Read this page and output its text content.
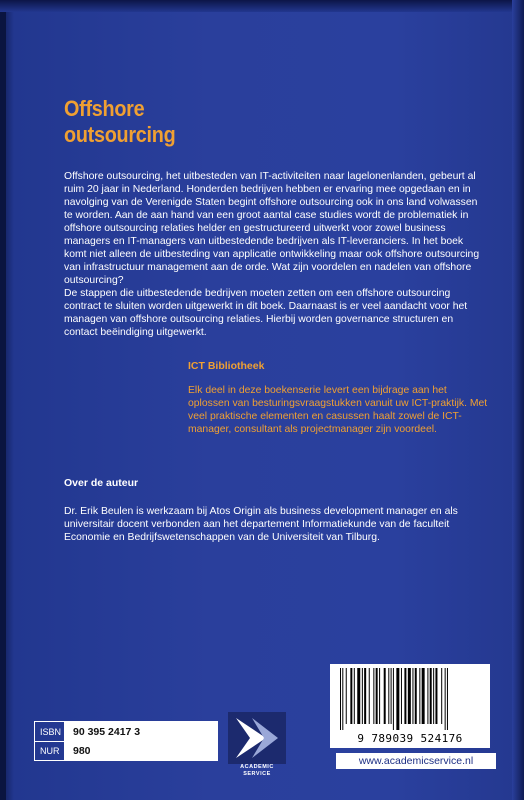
Offshore
outsourcing

Offshore outsourcing, het uitbesteden van IT-activiteiten naar lagelonenlanden, gebeurt al ruim 20 jaar in Nederland. Honderden bedrijven hebben er ervaring mee opgedaan en in navolging van de Verenigde Staten begint offshore outsourcing ook in ons land volwassen te worden. Aan de aan hand van een groot aantal case studies wordt de problematiek in offshore outsourcing relaties helder en gestructureerd uitwerkt voor zowel business managers en IT-managers van uitbestedende bedrijven als IT-leveranciers. In het boek komt niet alleen de uitbesteding van applicatie ontwikkeling maar ook offshore outsourcing van infrastructuur management aan de orde. Wat zijn voordelen en nadelen van offshore outsourcing?

De stappen die uitbestedende bedrijven moeten zetten om een offshore outsourcing contract te sluiten worden uitgewerkt in dit boek. Daarnaast is er veel aandacht voor het managen van offshore outsourcing relaties. Hierbij worden governance structuren en contact beëindiging uitgewerkt.

ICT Bibliotheek
Elk deel in deze boekenserie levert een bijdrage aan het oplossen van besturingsvraagstukken vanuit uw ICT-praktijk. Met veel praktische elementen en casussen haalt zowel de ICT-manager, consultant als projectmanager zijn voordeel.
Over de auteur
Dr. Erik Beulen is werkzaam bij Atos Origin als business development manager en als universitair docent verbonden aan het departement Informatiekunde van de faculteit Economie en Bedrijfswetenschappen van de Universiteit van Tilburg.
ISBN	90 395 2417 3
NUR	980
ACADEMIC
SERVICE
9 789039 524176
www.academicservice.nl
